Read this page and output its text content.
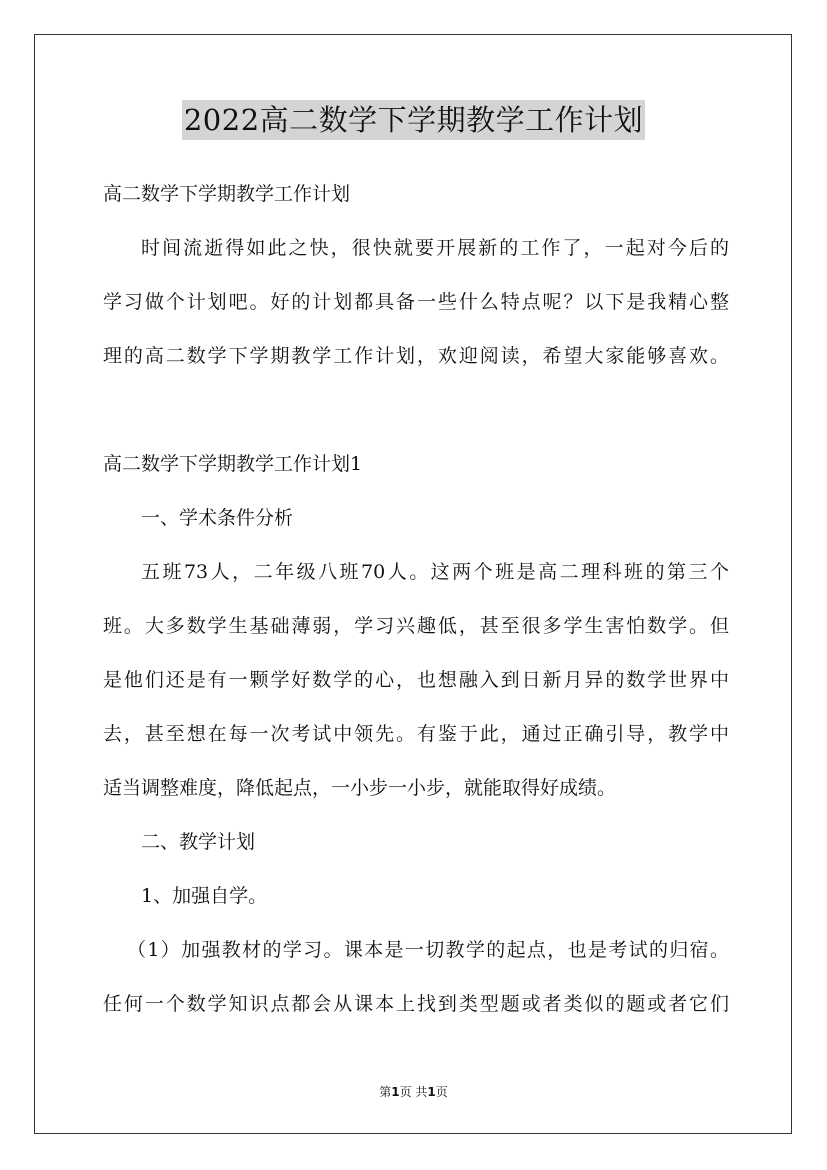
2022高二数学下学期教学工作计划
高二数学下学期教学工作计划
时间流逝得如此之快，很快就要开展新的工作了，一起对今后的
学习做个计划吧。好的计划都具备一些什么特点呢？以下是我精心整
理的高二数学下学期教学工作计划，欢迎阅读，希望大家能够喜欢。
高二数学下学期教学工作计划1
一、学术条件分析
五班73人，二年级八班70人。这两个班是高二理科班的第三个
班。大多数学生基础薄弱，学习兴趣低，甚至很多学生害怕数学。但
是他们还是有一颗学好数学的心，也想融入到日新月异的数学世界中
去，甚至想在每一次考试中领先。有鉴于此，通过正确引导，教学中
适当调整难度，降低起点，一小步一小步，就能取得好成绩。
二、教学计划
1、加强自学。
（1）加强教材的学习。课本是一切教学的起点，也是考试的归宿。
任何一个数学知识点都会从课本上找到类型题或者类似的题或者它们
第1页 共1页
